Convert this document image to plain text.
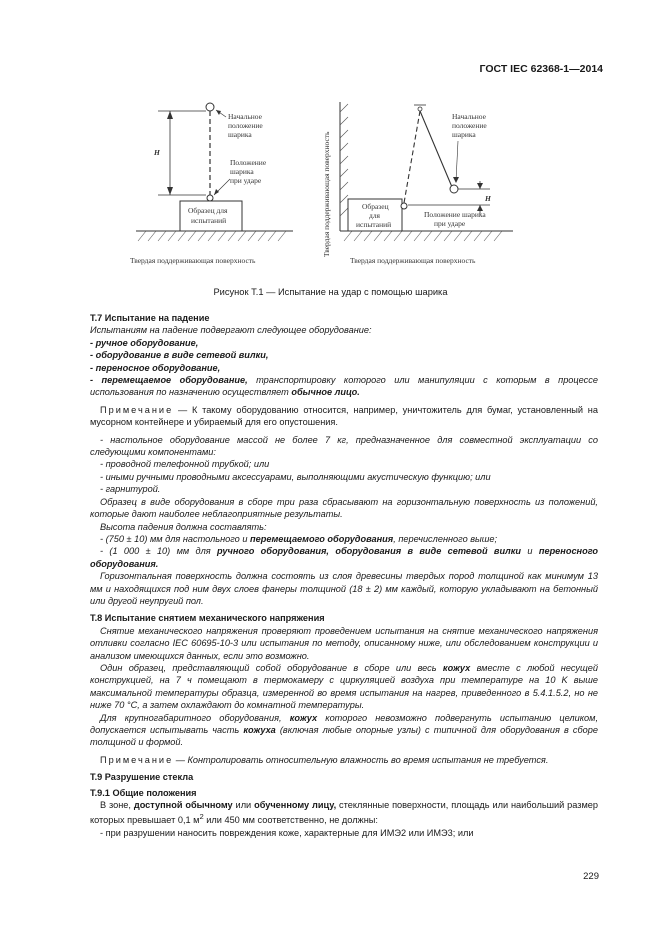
ГОСТ IEC 62368-1—2014
H
Образец для
испытаний
Твердая поддерживающая поверхность
Начальное
положение
шарика
Положение
шарика
при ударе	Твердая поддерживающая поверхность	Образец
для
испытаний
H
Начальное
положение
шарика
Положение шарика
при ударе
Твердая поддерживающая поверхность
Рисунок Т.1 — Испытание на удар с помощью шарика

Т.7 Испытание на падение

Испытаниям на падение подвергают следующее оборудование:

- ручное оборудование,

- оборудование в виде сетевой вилки,

- переносное оборудование,

- перемещаемое оборудование, транспортировку которого или манипуляции с которым в процессе использования по назначению осуществляет обычное лицо.

Примечание — К такому оборудованию относится, например, уничтожитель для бумаг, установленный на мусорном контейнере и убираемый для его опустошения.

- настольное оборудование массой не более 7 кг, предназначенное для совместной эксплуатации со следующими компонентами:

- проводной телефонной трубкой; или

- иными ручными проводными аксессуарами, выполняющими акустическую функцию; или

- гарнитурой.

Образец в виде оборудования в сборе три раза сбрасывают на горизонтальную поверхность из положений, которые дают наиболее неблагоприятные результаты.

Высота падения должна составлять:

- (750 ± 10) мм для настольного и перемещаемого оборудования, перечисленного выше;

- (1 000 ± 10) мм для ручного оборудования, оборудования в виде сетевой вилки и переносного оборудования.

Горизонтальная поверхность должна состоять из слоя древесины твердых пород толщиной как минимум 13 мм и находящихся под ним двух слоев фанеры толщиной (18 ± 2) мм каждый, которую укладывают на бетонный или другой неупругий пол.

Т.8 Испытание снятием механического напряжения

Снятие механического напряжения проверяют проведением испытания на снятие механического напряжения отливки согласно IEC 60695-10-3 или испытания по методу, описанному ниже, или обследованием конструкции и анализом имеющихся данных, если это возможно.

Один образец, представляющий собой оборудование в сборе или весь кожух вместе с любой несущей конструкцией, на 7 ч помещают в термокамеру с циркуляцией воздуха при температуре на 10 K выше максимальной температуры образца, измеренной во время испытания на нагрев, приведенного в 5.4.1.5.2, но не ниже 70 °C, а затем охлаждают до комнатной температуры.

Для крупногабаритного оборудования, кожух которого невозможно подвергнуть испытанию целиком, допускается испытывать часть кожуха (включая любые опорные узлы) с типичной для оборудования в сборе толщиной и формой.

Примечание — Контролировать относительную влажность во время испытания не требуется.

Т.9 Разрушение стекла

Т.9.1 Общие положения

В зоне, доступной обычному или обученному лицу, стеклянные поверхности, площадь или наибольший размер которых превышает 0,1 $м^2$ или 450 мм соответственно, не должны:

- при разрушении наносить повреждения коже, характерные для ИМЭ2 или ИМЭ3; или

229
